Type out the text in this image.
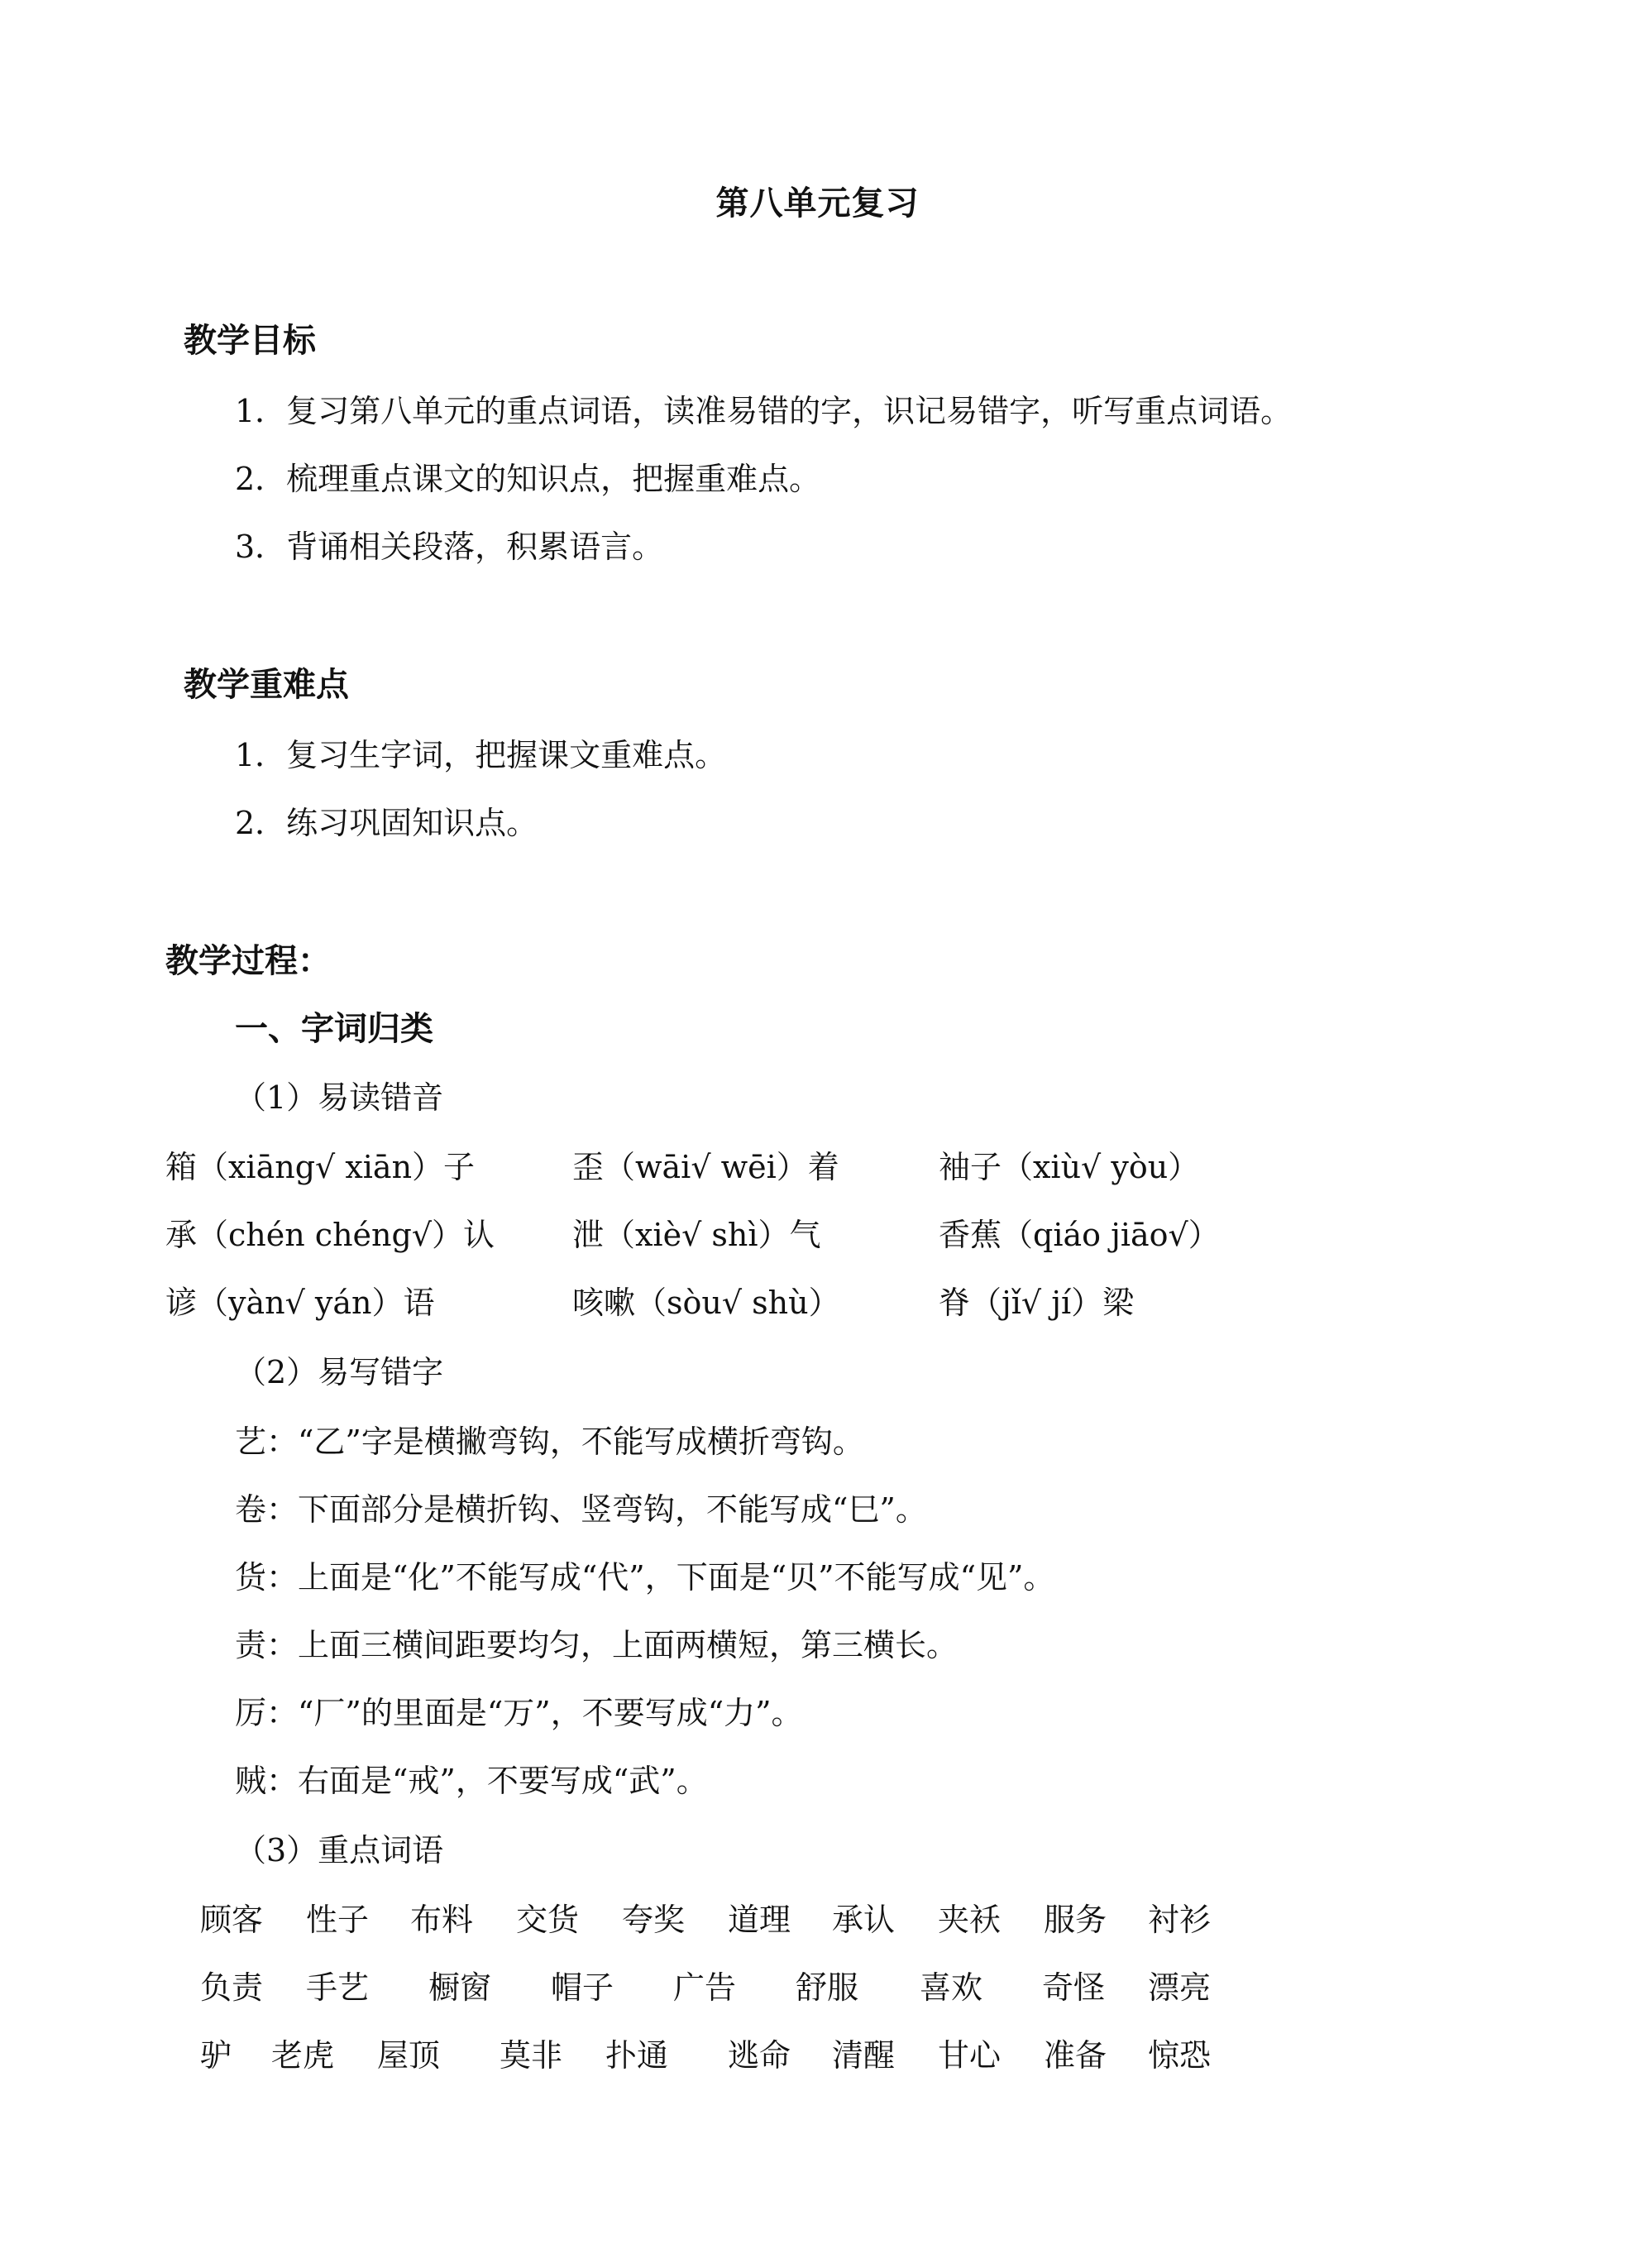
第八单元复习
教学目标
1．复习第八单元的重点词语，读准易错的字，识记易错字，听写重点词语。
2．梳理重点课文的知识点，把握重难点。
3．背诵相关段落，积累语言。
教学重难点
1．复习生字词，把握课文重难点。
2．练习巩固知识点。
教学过程：
一、字词归类
（1）易读错音
箱（xiāng√ xiān）子	歪（wāi√ wēi）着	袖子（xiù√ yòu）
承（chén chéng√）认 泄（xiè√ shì）气	香蕉（qiáo jiāo√）
谚（yàn√ yán）语	咳嗽（sòu√ shù）	脊（jǐ√ jí）梁
（2）易写错字
艺：“乙”字是横撇弯钩，不能写成横折弯钩。
卷：下面部分是横折钩、竖弯钩，不能写成“巳”。
货：上面是“化”不能写成“代”，下面是“贝”不能写成“见”。
责：上面三横间距要均匀，上面两横短，第三横长。
厉：“厂”的里面是“万”，不要写成“力”。
贼：右面是“戒”，不要写成“武”。
（3）重点词语
顾客 性子 布料 交货 夸奖 道理 承认 夹袄 服务 衬衫
负责 手艺 橱窗 帽子 广告 舒服 喜欢 奇怪 漂亮
驴 老虎 屋顶 莫非 扑通 逃命 清醒 甘心 准备 惊恐
